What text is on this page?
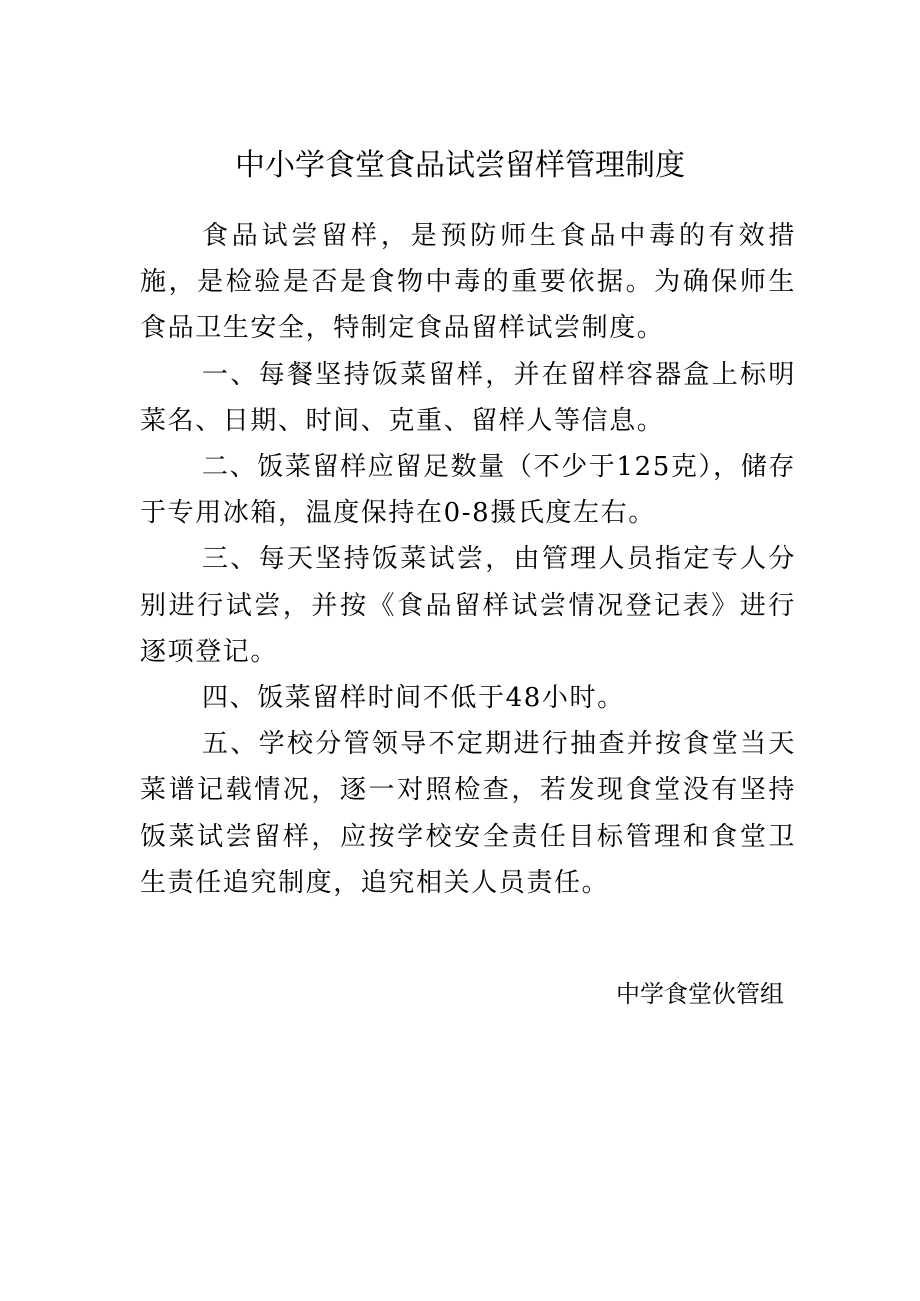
中小学食堂食品试尝留样管理制度

食品试尝留样，是预防师生食品中毒的有效措施，是检验是否是食物中毒的重要依据。为确保师生食品卫生安全，特制定食品留样试尝制度。

一、每餐坚持饭菜留样，并在留样容器盒上标明菜名、日期、时间、克重、留样人等信息。

二、饭菜留样应留足数量（不少于125克），储存于专用冰箱，温度保持在0-8摄氏度左右。

三、每天坚持饭菜试尝，由管理人员指定专人分别进行试尝，并按《食品留样试尝情况登记表》进行逐项登记。

四、饭菜留样时间不低于48小时。

五、学校分管领导不定期进行抽查并按食堂当天菜谱记载情况，逐一对照检查，若发现食堂没有坚持饭菜试尝留样，应按学校安全责任目标管理和食堂卫生责任追究制度，追究相关人员责任。

中学食堂伙管组
